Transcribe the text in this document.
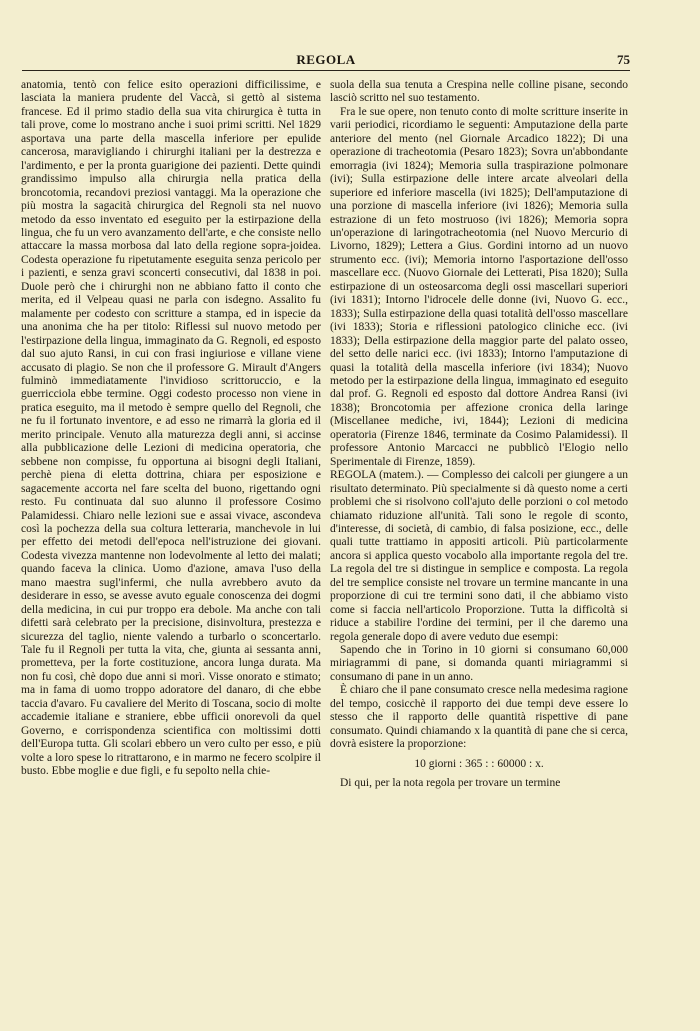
REGOLA	75

anatomia, tentò con felice esito operazioni difficilissime, e lasciata la maniera prudente del Vaccà, si gettò al sistema francese. Ed il primo stadio della sua vita chirurgica è tutta in tali prove, come lo mostrano anche i suoi primi scritti. Nel 1829 asportava una parte della mascella inferiore per epulide cancerosa, maravigliando i chirurghi italiani per la destrezza e l'ardimento, e per la pronta guarigione dei pazienti. Dette quindi grandissimo impulso alla chirurgia nella pratica della broncotomia, recandovi preziosi vantaggi. Ma la operazione che più mostra la sagacità chirurgica del Regnoli sta nel nuovo metodo da esso inventato ed eseguito per la estirpazione della lingua, che fu un vero avanzamento dell'arte, e che consiste nello attaccare la massa morbosa dal lato della regione sopra-joidea. Codesta operazione fu ripetutamente eseguita senza pericolo per i pazienti, e senza gravi sconcerti consecutivi, dal 1838 in poi. Duole però che i chirurghi non ne abbiano fatto il conto che merita, ed il Velpeau quasi ne parla con isdegno. Assalito fu malamente per codesto con scritture a stampa, ed in ispecie da una anonima che ha per titolo: Riflessi sul nuovo metodo per l'estirpazione della lingua, immaginato da G. Regnoli, ed esposto dal suo ajuto Ransi, in cui con frasi ingiuriose e villane viene accusato di plagio. Se non che il professore G. Mirault d'Angers fulminò immediatamente l'invidioso scrittoruccio, e la guerricciola ebbe termine. Oggi codesto processo non viene in pratica eseguito, ma il metodo è sempre quello del Regnoli, che ne fu il fortunato inventore, e ad esso ne rimarrà la gloria ed il merito principale. Venuto alla maturezza degli anni, si accinse alla pubblicazione delle Lezioni di medicina operatoria, che sebbene non compisse, fu opportuna ai bisogni degli Italiani, perchè piena di eletta dottrina, chiara per esposizione e sagacemente accorta nel fare scelta del buono, rigettando ogni resto. Fu continuata dal suo alunno il professore Cosimo Palamidessi. Chiaro nelle lezioni sue e assai vivace, ascondeva così la pochezza della sua coltura letteraria, manchevole in lui per effetto dei metodi dell'epoca nell'istruzione dei giovani. Codesta vivezza mantenne non lodevolmente al letto dei malati; quando faceva la clinica. Uomo d'azione, amava l'uso della mano maestra sugl'infermi, che nulla avrebbero avuto da desiderare in esso, se avesse avuto eguale conoscenza dei dogmi della medicina, in cui pur troppo era debole. Ma anche con tali difetti sarà celebrato per la precisione, disinvoltura, prestezza e sicurezza del taglio, niente valendo a turbarlo o sconcertarlo. Tale fu il Regnoli per tutta la vita, che, giunta ai sessanta anni, prometteva, per la forte costituzione, ancora lunga durata. Ma non fu così, chè dopo due anni si morì. Visse onorato e stimato; ma in fama di uomo troppo adoratore del danaro, di che ebbe taccia d'avaro. Fu cavaliere del Merito di Toscana, socio di molte accademie italiane e straniere, ebbe ufficii onorevoli da quel Governo, e corrispondenza scientifica con moltissimi dotti dell'Europa tutta. Gli scolari ebbero un vero culto per esso, e più volte a loro spese lo ritrattarono, e in marmo ne fecero scolpire il busto. Ebbe moglie e due figli, e fu sepolto nella chie-

suola della sua tenuta a Crespina nelle colline pisane, secondo lasciò scritto nel suo testamento.

Fra le sue opere, non tenuto conto di molte scritture inserite in varii periodici, ricordiamo le seguenti: Amputazione della parte anteriore del mento (nel Giornale Arcadico 1822); Di una operazione di tracheotomia (Pesaro 1823); Sovra un'abbondante emorragia (ivi 1824); Memoria sulla traspirazione polmonare (ivi); Sulla estirpazione delle intere arcate alveolari della superiore ed inferiore mascella (ivi 1825); Dell'amputazione di una porzione di mascella inferiore (ivi 1826); Memoria sulla estrazione di un feto mostruoso (ivi 1826); Memoria sopra un'operazione di laringotracheotomia (nel Nuovo Mercurio di Livorno, 1829); Lettera a Gius. Gordini intorno ad un nuovo strumento ecc. (ivi); Memoria intorno l'asportazione dell'osso mascellare ecc. (Nuovo Giornale dei Letterati, Pisa 1820); Sulla estirpazione di un osteosarcoma degli ossi mascellari superiori (ivi 1831); Intorno l'idrocele delle donne (ivi, Nuovo G. ecc., 1833); Sulla estirpazione della quasi totalità dell'osso mascellare (ivi 1833); Storia e riflessioni patologico cliniche ecc. (ivi 1833); Della estirpazione della maggior parte del palato osseo, del setto delle narici ecc. (ivi 1833); Intorno l'amputazione di quasi la totalità della mascella inferiore (ivi 1834); Nuovo metodo per la estirpazione della lingua, immaginato ed eseguito dal prof. G. Regnoli ed esposto dal dottore Andrea Ransi (ivi 1838); Broncotomia per affezione cronica della laringe (Miscellanee mediche, ivi, 1844); Lezioni di medicina operatoria (Firenze 1846, terminate da Cosimo Palamidessi). Il professore Antonio Marcacci ne pubblicò l'Elogio nello Sperimentale di Firenze, 1859).

REGOLA (matem.). — Complesso dei calcoli per giungere a un risultato determinato. Più specialmente si dà questo nome a certi problemi che si risolvono coll'ajuto delle porzioni o col metodo chiamato riduzione all'unità. Tali sono le regole di sconto, d'interesse, di società, di cambio, di falsa posizione, ecc., delle quali tutte trattiamo in appositi articoli. Più particolarmente ancora si applica questo vocabolo alla importante regola del tre. La regola del tre si distingue in semplice e composta. La regola del tre semplice consiste nel trovare un termine mancante in una proporzione di cui tre termini sono dati, il che abbiamo visto come si faccia nell'articolo Proporzione. Tutta la difficoltà si riduce a stabilire l'ordine dei termini, per il che daremo una regola generale dopo di avere veduto due esempi:

Sapendo che in Torino in 10 giorni si consumano 60,000 miriagrammi di pane, si domanda quanti miriagrammi si consumano di pane in un anno.

È chiaro che il pane consumato cresce nella medesima ragione del tempo, cosicchè il rapporto dei due tempi deve essere lo stesso che il rapporto delle quantità rispettive di pane consumato. Quindi chiamando x la quantità di pane che si cerca, dovrà esistere la proporzione:

10 giorni : 365 : : 60000 : x.

Di qui, per la nota regola per trovare un termine
